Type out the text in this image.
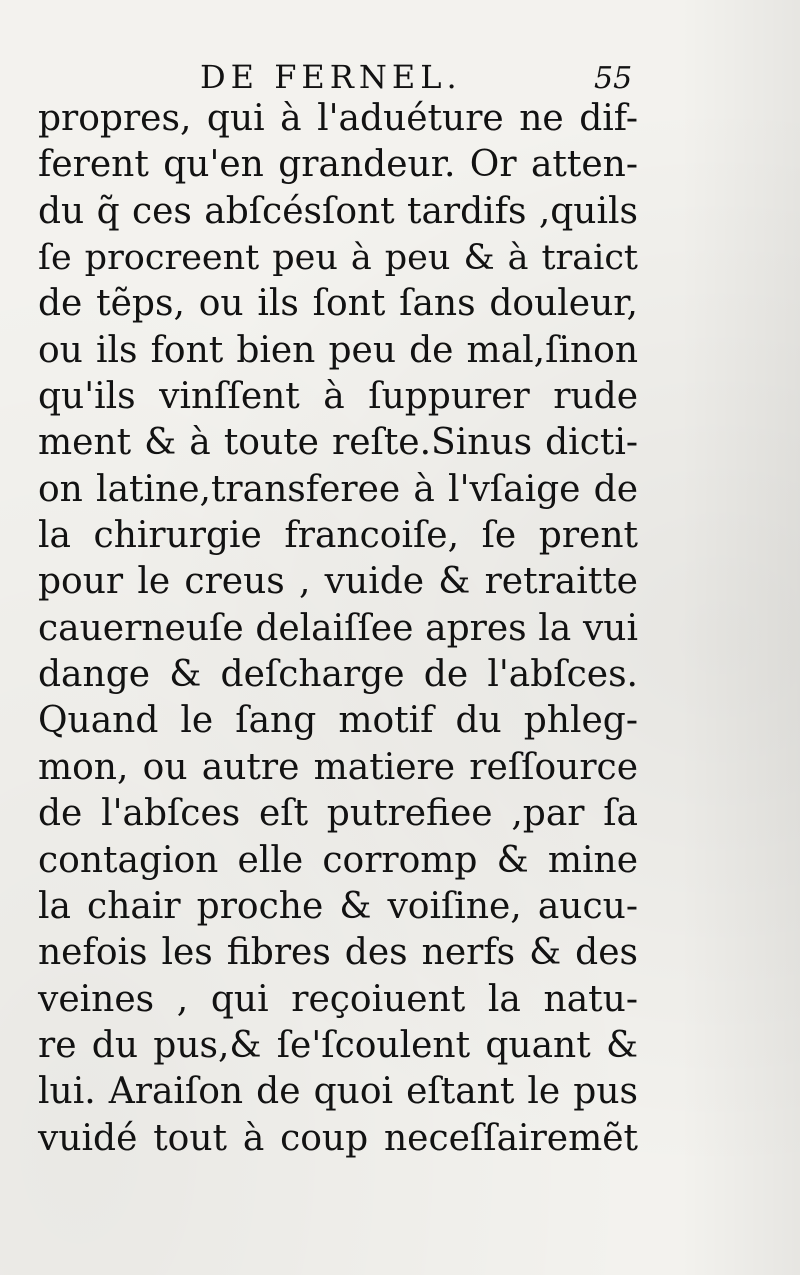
DE FERNEL.	55
propres, qui à l'aduéture ne dif-
ferent qu'en grandeur. Or atten-
du q̃ ces abſcésſont tardifs ,quils
ſe procreent peu à peu & à traict
de tẽps, ou ils ſont ſans douleur,
ou ils font bien peu de mal,ſinon
qu'ils vinſſent à ſuppurer rude
ment & à toute reſte.Sinus dicti-
on latine,transferee à l'vſaige de
la chirurgie francoiſe, ſe prent
pour le creus , vuide & retraitte
cauerneuſe delaiſſee apres la vui
dange & deſcharge de l'abſces.
Quand le ſang motif du phleg-
mon, ou autre matiere reſſource
de l'abſces eſt putrefiee ,par ſa
contagion elle corromp & mine
la chair proche & voiſine, aucu-
nefois les fibres des nerfs & des
veines , qui reçoiuent la natu-
re du pus,& ſe'ſcoulent quant &
lui. Araiſon de quoi eſtant le pus
vuidé tout à coup neceſſairemẽt
